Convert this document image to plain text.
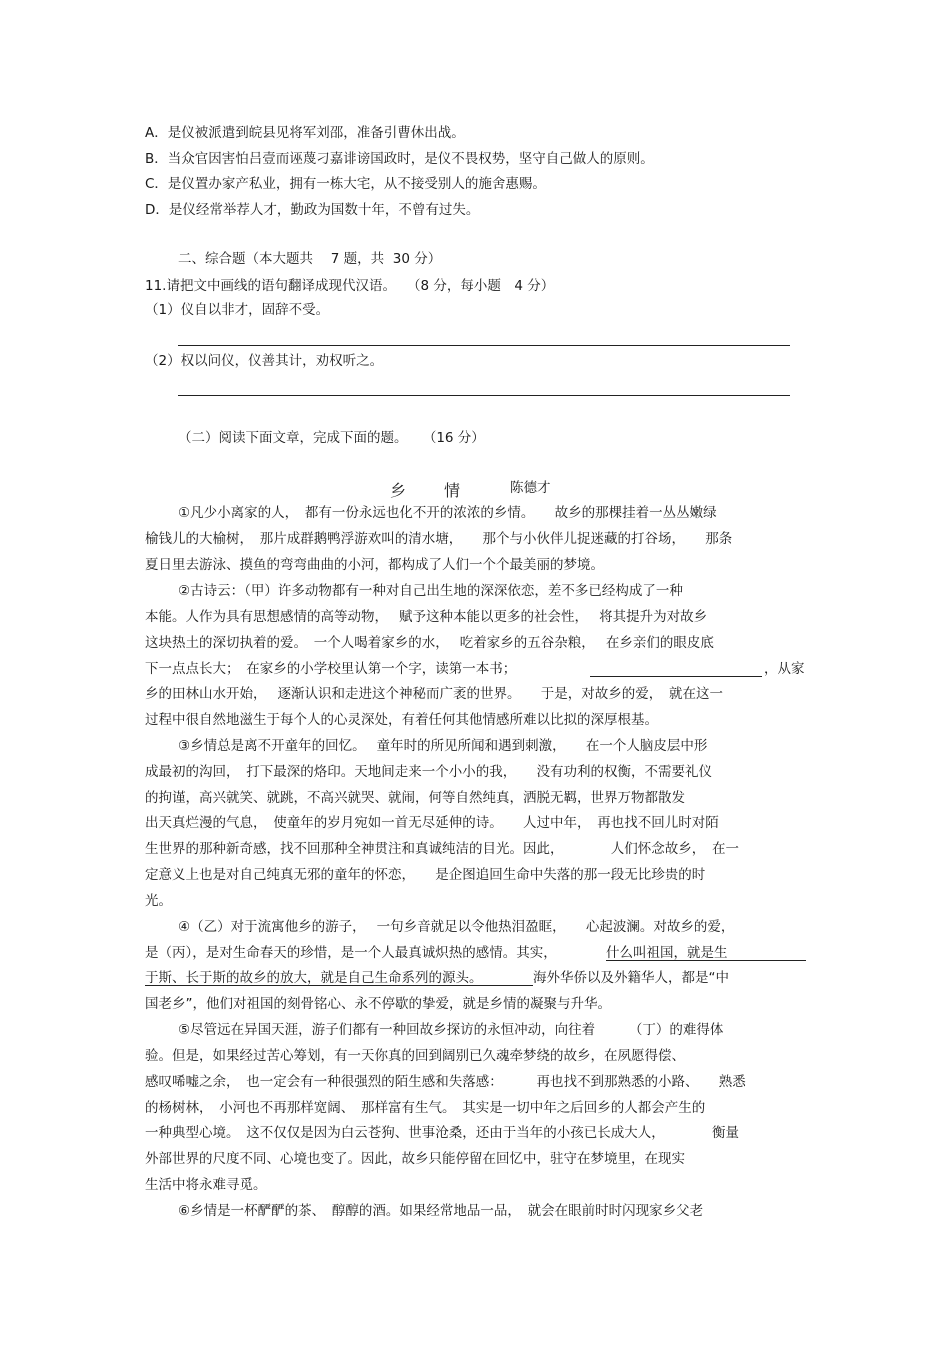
A．是仪被派遣到皖县见将军刘邵，准备引曹休出战。
B．当众官因害怕吕壹而诬蔑刁嘉诽谤国政时，是仪不畏权势，坚守自己做人的原则。
C．是仪置办家产私业，拥有一栋大宅，从不接受别人的施舍惠赐。
D．是仪经常举荐人才，勤政为国数十年，不曾有过失。
二、综合题（本大题共　 7 题，共  30 分）
11.请把文中画线的语句翻译成现代汉语。　 （8 分，每小题　4 分）
（1）仪自以非才，固辞不受。
（2）权以问仪，仪善其计，劝权听之。
（二）阅读下面文章，完成下面的题。　  （16 分）
乡　　情	陈德才
①凡少小离家的人，　都有一份永远也化不开的浓浓的乡情。　　故乡的那棵挂着一丛丛嫩绿
榆钱儿的大榆树，　那片成群鹅鸭浮游欢叫的清水塘，　　那个与小伙伴儿捉迷藏的打谷场，　　那条
夏日里去游泳、摸鱼的弯弯曲曲的小河，都构成了人们一个个最美丽的梦境。
②古诗云：（甲）许多动物都有一种对自己出生地的深深依恋，差不多已经构成了一种
本能。人作为具有思想感情的高等动物，　 赋予这种本能以更多的社会性，　 将其提升为对故乡
这块热土的深切执着的爱。　一个人喝着家乡的水，　 吃着家乡的五谷杂粮，　 在乡亲们的眼皮底
下一点点长大；　在家乡的小学校里认第一个字，读第一本书；	，从家
乡的田林山水开始，　 逐渐认识和走进这个神秘而广袤的世界。　　于是，对故乡的爱，　就在这一
过程中很自然地滋生于每个人的心灵深处，有着任何其他情感所难以比拟的深厚根基。
③乡情总是离不开童年的回忆。　 童年时的所见所闻和遇到刺激，　　在一个人脑皮层中形
成最初的沟回，　打下最深的烙印。天地间走来一个小小的我，　　没有功利的权衡，不需要礼仪
的拘谨，高兴就笑、就跳，不高兴就哭、就闹，何等自然纯真，洒脱无羁，世界万物都散发
出天真烂漫的气息，　使童年的岁月宛如一首无尽延伸的诗。　　人过中年，　再也找不回儿时对陌
生世界的那种新奇感，找不回那种全神贯注和真诚纯洁的目光。因此，　　　　人们怀念故乡，　在一
定意义上也是对自己纯真无邪的童年的怀恋，　　是企图追回生命中失落的那一段无比珍贵的时
光。
④（乙）对于流寓他乡的游子，　 一句乡音就足以令他热泪盈眶，　　心起波澜。对故乡的爱，
是（丙），是对生命春天的珍惜，是一个人最真诚炽热的感情。其实，	什么叫祖国，就是生
于斯、长于斯的故乡的放大，就是自己生命系列的源头。	海外华侨以及外籍华人，都是“中
国老乡”，他们对祖国的刻骨铭心、永不停歇的挚爱，就是乡情的凝聚与升华。
⑤尽管远在异国天涯，游子们都有一种回故乡探访的永恒冲动，向往着　　　（丁）的难得体
验。但是，如果经过苦心筹划，有一天你真的回到阔别已久魂牵梦绕的故乡，在夙愿得偿、
感叹唏嘘之余，　也一定会有一种很强烈的陌生感和失落感：　　　再也找不到那熟悉的小路、　　熟悉
的杨树林，　小河也不再那样宽阔、　那样富有生气。　其实是一切中年之后回乡的人都会产生的
一种典型心境。　这不仅仅是因为白云苍狗、世事沧桑，还由于当年的小孩已长成大人，　　　　衡量
外部世界的尺度不同、心境也变了。因此，故乡只能停留在回忆中，驻守在梦境里，在现实
生活中将永难寻觅。
⑥乡情是一杯酽酽的茶、　醇醇的酒。如果经常地品一品，　就会在眼前时时闪现家乡父老
